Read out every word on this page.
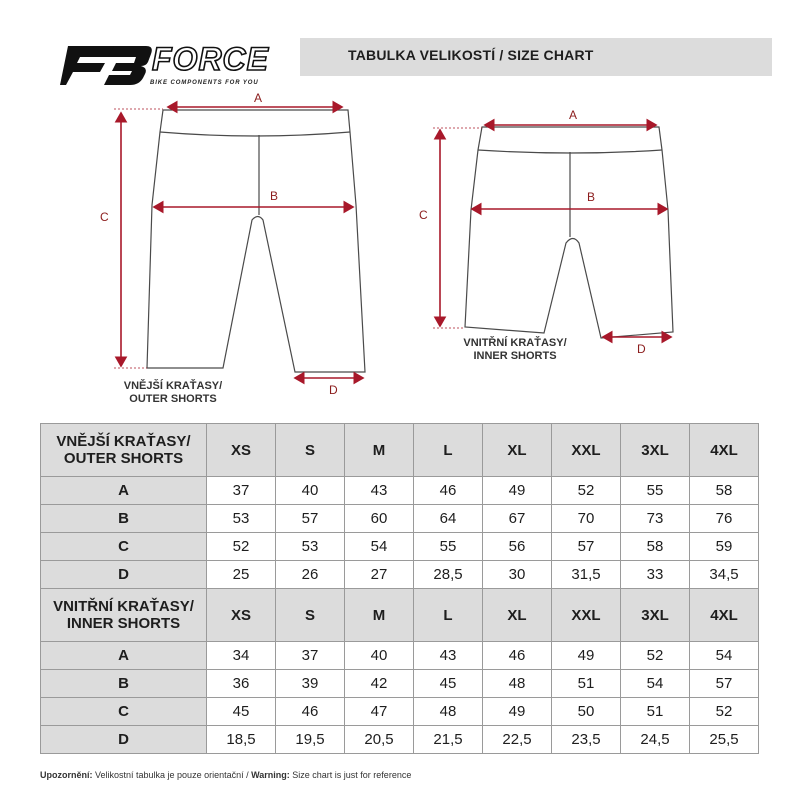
TABULKA VELIKOSTÍ / SIZE CHART
FORCE
BIKE COMPONENTS FOR YOU
A
B
C
D
A
B
C
D
VNĚJŠÍ KRAŤASY/
OUTER SHORTS
VNITŘNÍ KRAŤASY/
INNER SHORTS
VNĚJŠÍ KRAŤASY/
OUTER SHORTS	XS	S	M	L	XL	XXL	3XL	4XL
A	37	40	43	46	49	52	55	58
B	53	57	60	64	67	70	73	76
C	52	53	54	55	56	57	58	59
D	25	26	27	28,5	30	31,5	33	34,5

VNITŘNÍ KRAŤASY/
INNER SHORTS	XS	S	M	L	XL	XXL	3XL	4XL
A	34	37	40	43	46	49	52	54
B	36	39	42	45	48	51	54	57
C	45	46	47	48	49	50	51	52
D	18,5	19,5	20,5	21,5	22,5	23,5	24,5	25,5
Upozornění: Velikostní tabulka je pouze orientační / Warning: Size chart is just for reference
